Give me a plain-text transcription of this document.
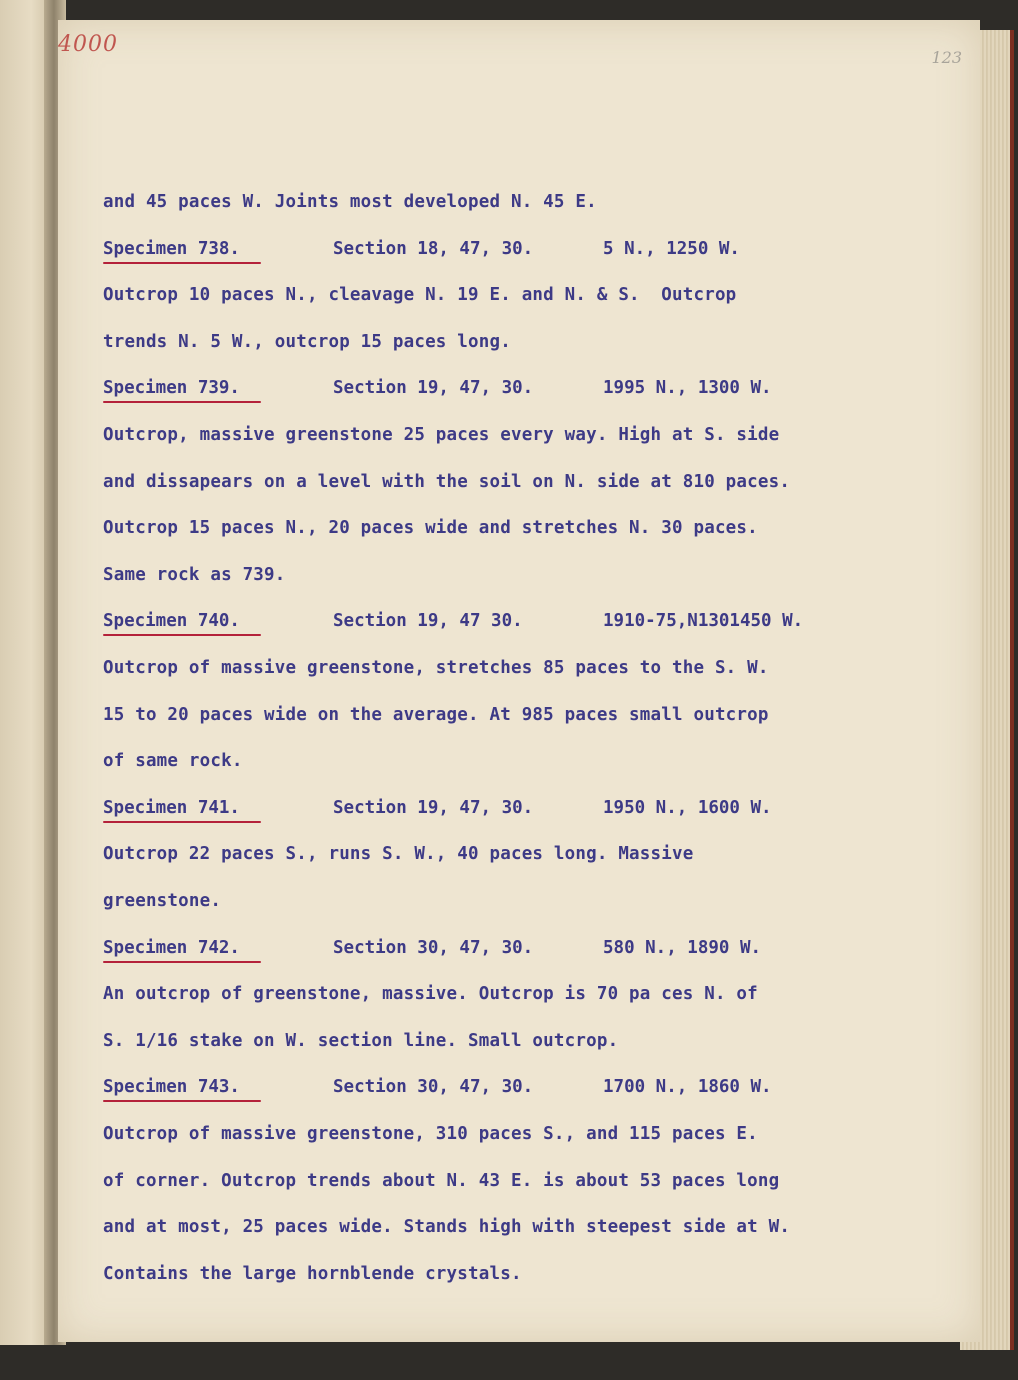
4000
123
and 45 paces W. Joints most developed N. 45 E.
Specimen 738.	Section 18, 47, 30.	5 N., 1250 W.
Outcrop 10 paces N., cleavage N. 19 E. and N. & S.  Outcrop
trends N. 5 W., outcrop 15 paces long.
Specimen 739.	Section 19, 47, 30.	1995 N., 1300 W.
Outcrop, massive greenstone 25 paces every way. High at S. side
and dissapears on a level with the soil on N. side at 810 paces.
Outcrop 15 paces N., 20 paces wide and stretches N. 30 paces.
Same rock as 739.
Specimen 740.	Section 19, 47 30.	1910-75,N1301450 W.
Outcrop of massive greenstone, stretches 85 paces to the S. W.
15 to 20 paces wide on the average. At 985 paces small outcrop
of same rock.
Specimen 741.	Section 19, 47, 30.	1950 N., 1600 W.
Outcrop 22 paces S., runs S. W., 40 paces long. Massive
greenstone.
Specimen 742.	Section 30, 47, 30.	580 N., 1890 W.
An outcrop of greenstone, massive. Outcrop is 70 pa ces N. of
S. 1/16 stake on W. section line. Small outcrop.
Specimen 743.	Section 30, 47, 30.	1700 N., 1860 W.
Outcrop of massive greenstone, 310 paces S., and 115 paces E.
of corner. Outcrop trends about N. 43 E. is about 53 paces long
and at most, 25 paces wide. Stands high with steepest side at W.
Contains the large hornblende crystals.
